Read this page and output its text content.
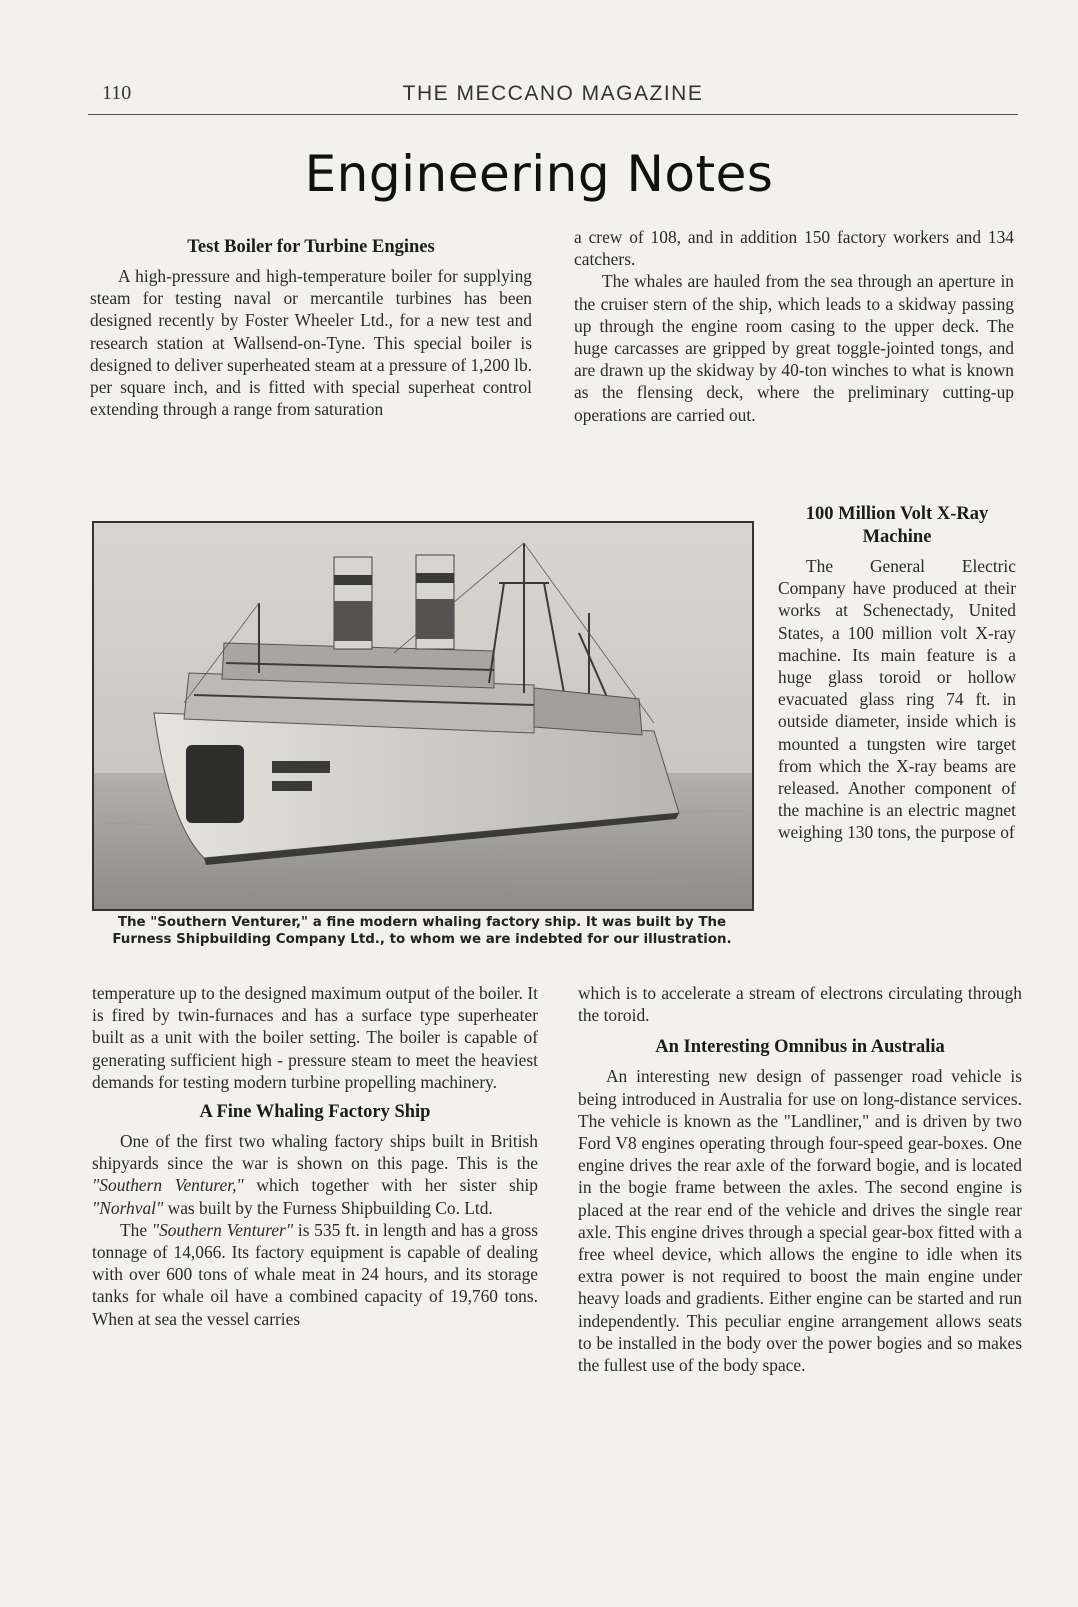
110	THE MECCANO MAGAZINE
Engineering Notes
Test Boiler for Turbine Engines

A high-pressure and high-temperature boiler for supplying steam for testing naval or mercantile turbines has been designed recently by Foster Wheeler Ltd., for a new test and research station at Wallsend-on-Tyne. This special boiler is designed to deliver superheated steam at a pressure of 1,200 lb. per square inch, and is fitted with special superheat control extending through a range from saturation

a crew of 108, and in addition 150 factory workers and 134 catchers.

The whales are hauled from the sea through an aperture in the cruiser stern of the ship, which leads to a skidway passing up through the engine room casing to the upper deck. The huge carcasses are gripped by great toggle-jointed tongs, and are drawn up the skidway by 40-ton winches to what is known as the flensing deck, where the preliminary cutting-up operations are carried out.

The "Southern Venturer," a fine modern whaling factory ship. It was built by The Furness Shipbuilding Company Ltd., to whom we are indebted for our illustration.
100 Million Volt X-Ray Machine

The General Electric Company have produced at their works at Schenectady, United States, a 100 million volt X-ray machine. Its main feature is a huge glass toroid or hollow evacuated glass ring 74 ft. in outside diameter, inside which is mounted a tungsten wire target from which the X-ray beams are released. Another component of the machine is an electric magnet weighing 130 tons, the purpose of

temperature up to the designed maximum output of the boiler. It is fired by twin-furnaces and has a surface type superheater built as a unit with the boiler setting. The boiler is capable of generating sufficient high - pressure steam to meet the heaviest demands for testing modern turbine propelling machinery.

A Fine Whaling Factory Ship

One of the first two whaling factory ships built in British shipyards since the war is shown on this page. This is the "Southern Venturer," which together with her sister ship "Norhval" was built by the Furness Shipbuilding Co. Ltd.

The "Southern Venturer" is 535 ft. in length and has a gross tonnage of 14,066. Its factory equipment is capable of dealing with over 600 tons of whale meat in 24 hours, and its storage tanks for whale oil have a combined capacity of 19,760 tons. When at sea the vessel carries

which is to accelerate a stream of electrons circulating through the toroid.

An Interesting Omnibus in Australia

An interesting new design of passenger road vehicle is being introduced in Australia for use on long-distance services. The vehicle is known as the "Landliner," and is driven by two Ford V8 engines operating through four-speed gear-boxes. One engine drives the rear axle of the forward bogie, and is located in the bogie frame between the axles. The second engine is placed at the rear end of the vehicle and drives the single rear axle. This engine drives through a special gear-box fitted with a free wheel device, which allows the engine to idle when its extra power is not required to boost the main engine under heavy loads and gradients. Either engine can be started and run independently. This peculiar engine arrangement allows seats to be installed in the body over the power bogies and so makes the fullest use of the body space.
